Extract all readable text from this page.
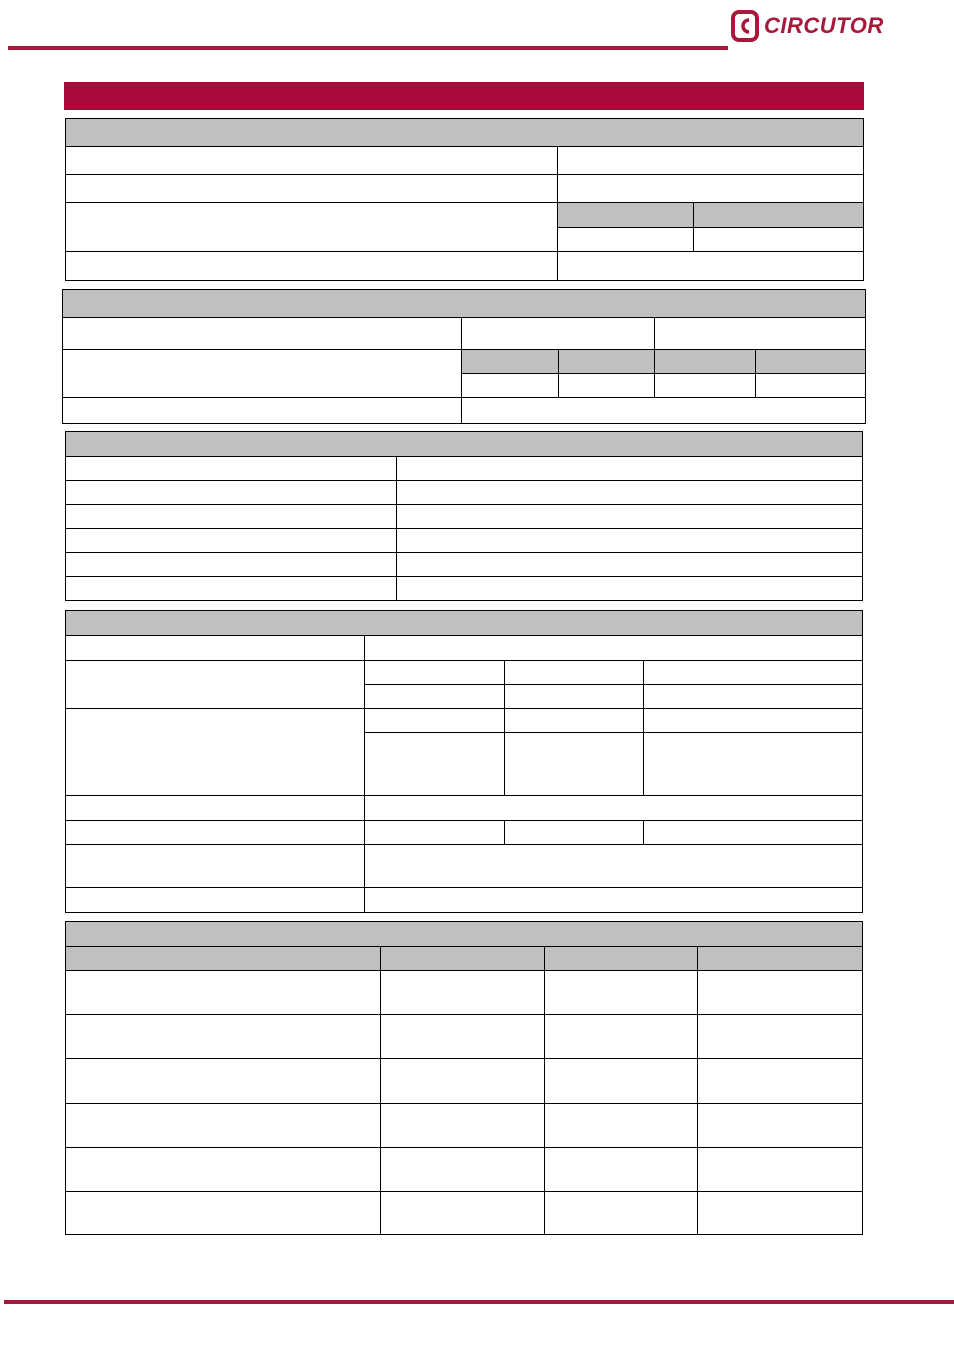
CIRCUTOR
